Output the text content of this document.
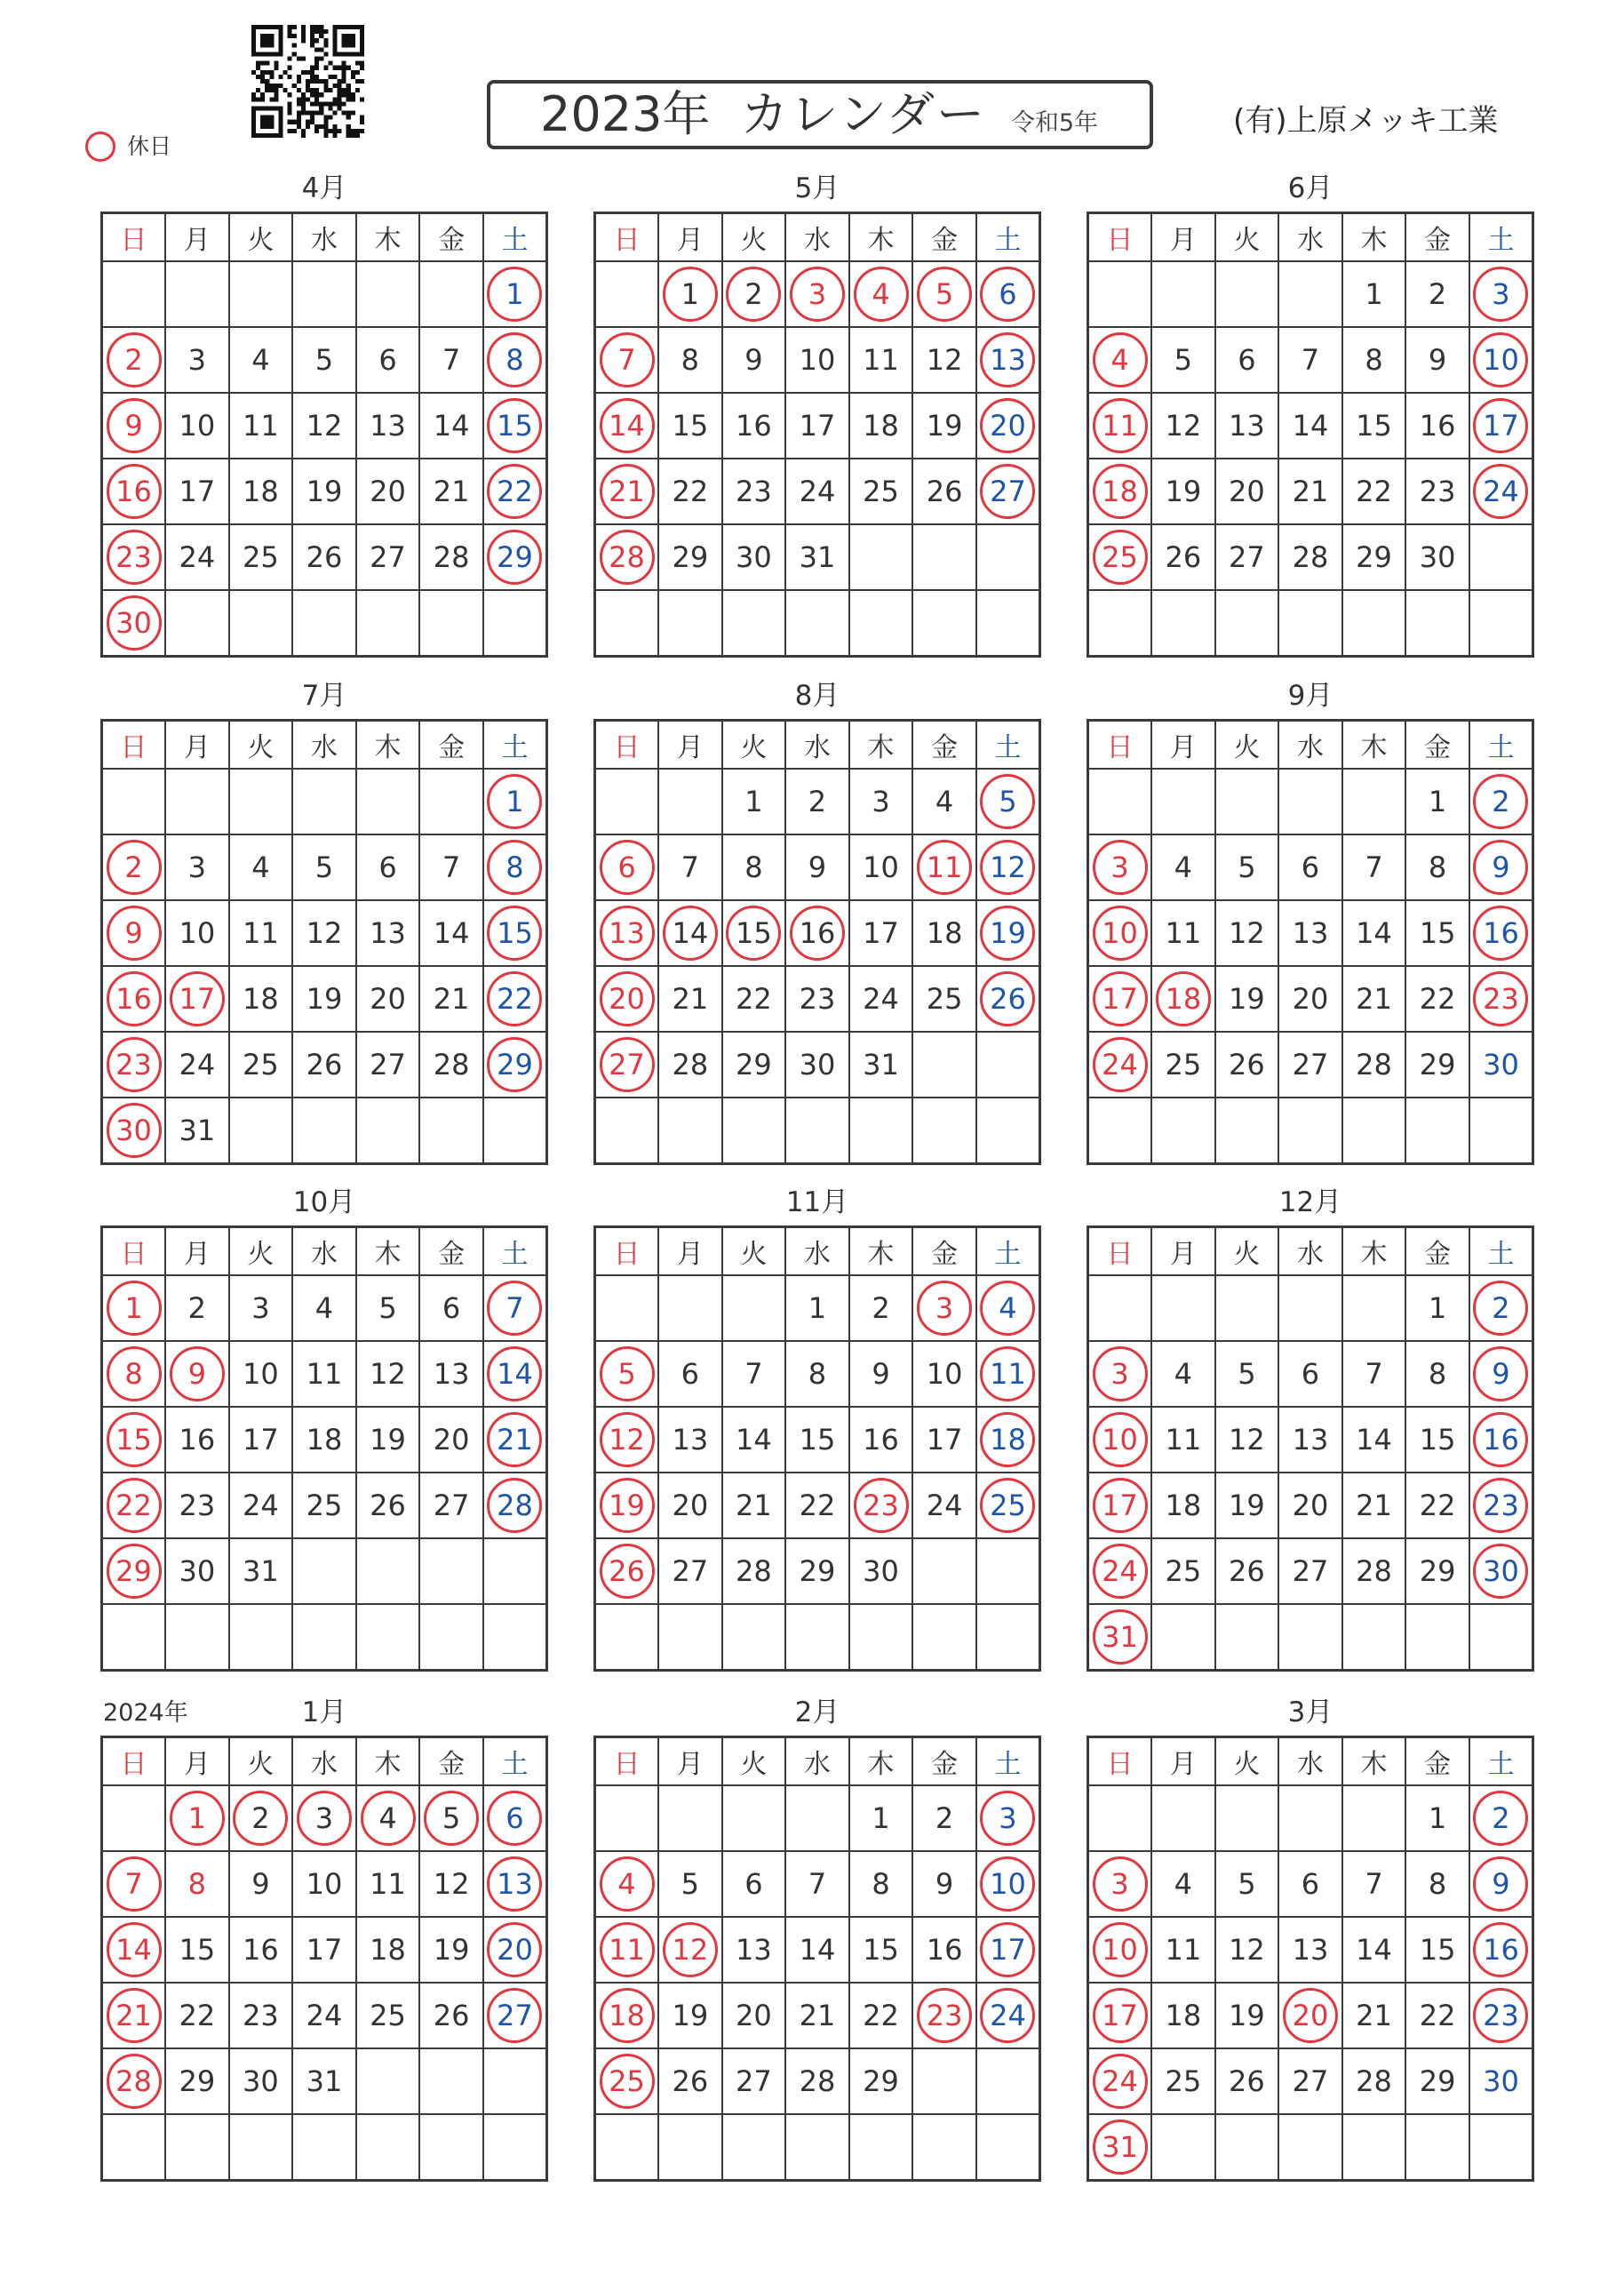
休日
2023年 カレンダー 令和5年	(有)上原メッキ工業
2024年
4月
日	月	火	水	木	金	土
						1
2	3	4	5	6	7	8
9	10	11	12	13	14	15
16	17	18	19	20	21	22
23	24	25	26	27	28	29
30						
5月
日	月	火	水	木	金	土
	1	2	3	4	5	6
7	8	9	10	11	12	13
14	15	16	17	18	19	20
21	22	23	24	25	26	27
28	29	30	31			

6月
日	月	火	水	木	金	土
				1	2	3
4	5	6	7	8	9	10
11	12	13	14	15	16	17
18	19	20	21	22	23	24
25	26	27	28	29	30	

7月
日	月	火	水	木	金	土
						1
2	3	4	5	6	7	8
9	10	11	12	13	14	15
16	17	18	19	20	21	22
23	24	25	26	27	28	29
30	31					
8月
日	月	火	水	木	金	土
		1	2	3	4	5
6	7	8	9	10	11	12
13	14	15	16	17	18	19
20	21	22	23	24	25	26
27	28	29	30	31		

9月
日	月	火	水	木	金	土
					1	2
3	4	5	6	7	8	9
10	11	12	13	14	15	16
17	18	19	20	21	22	23
24	25	26	27	28	29	30

10月
日	月	火	水	木	金	土
1	2	3	4	5	6	7
8	9	10	11	12	13	14
15	16	17	18	19	20	21
22	23	24	25	26	27	28
29	30	31				

11月
日	月	火	水	木	金	土
			1	2	3	4
5	6	7	8	9	10	11
12	13	14	15	16	17	18
19	20	21	22	23	24	25
26	27	28	29	30		

12月
日	月	火	水	木	金	土
					1	2
3	4	5	6	7	8	9
10	11	12	13	14	15	16
17	18	19	20	21	22	23
24	25	26	27	28	29	30
31						
1月
日	月	火	水	木	金	土
	1	2	3	4	5	6
7	8	9	10	11	12	13
14	15	16	17	18	19	20
21	22	23	24	25	26	27
28	29	30	31			

2月
日	月	火	水	木	金	土
				1	2	3
4	5	6	7	8	9	10
11	12	13	14	15	16	17
18	19	20	21	22	23	24
25	26	27	28	29		

3月
日	月	火	水	木	金	土
					1	2
3	4	5	6	7	8	9
10	11	12	13	14	15	16
17	18	19	20	21	22	23
24	25	26	27	28	29	30
31						
